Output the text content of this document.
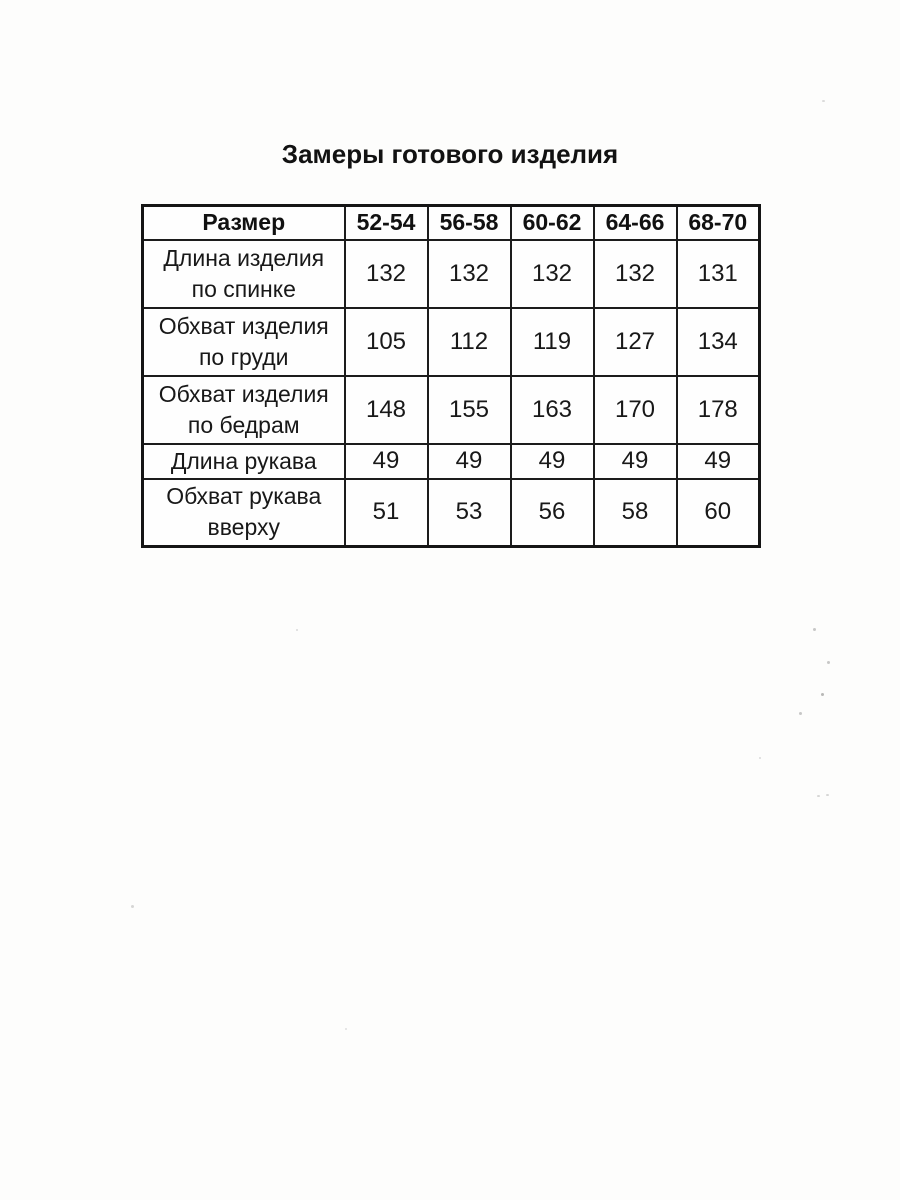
Замеры готового изделия
Размер	52-54	56-58	60-62	64-66	68-70

Длина изделия
по спинке	132	132	132	132	131

Обхват изделия
по груди	105	112	119	127	134

Обхват изделия
по бедрам	148	155	163	170	178

Длина рукава	49	49	49	49	49

Обхват рукава
вверху	51	53	56	58	60
